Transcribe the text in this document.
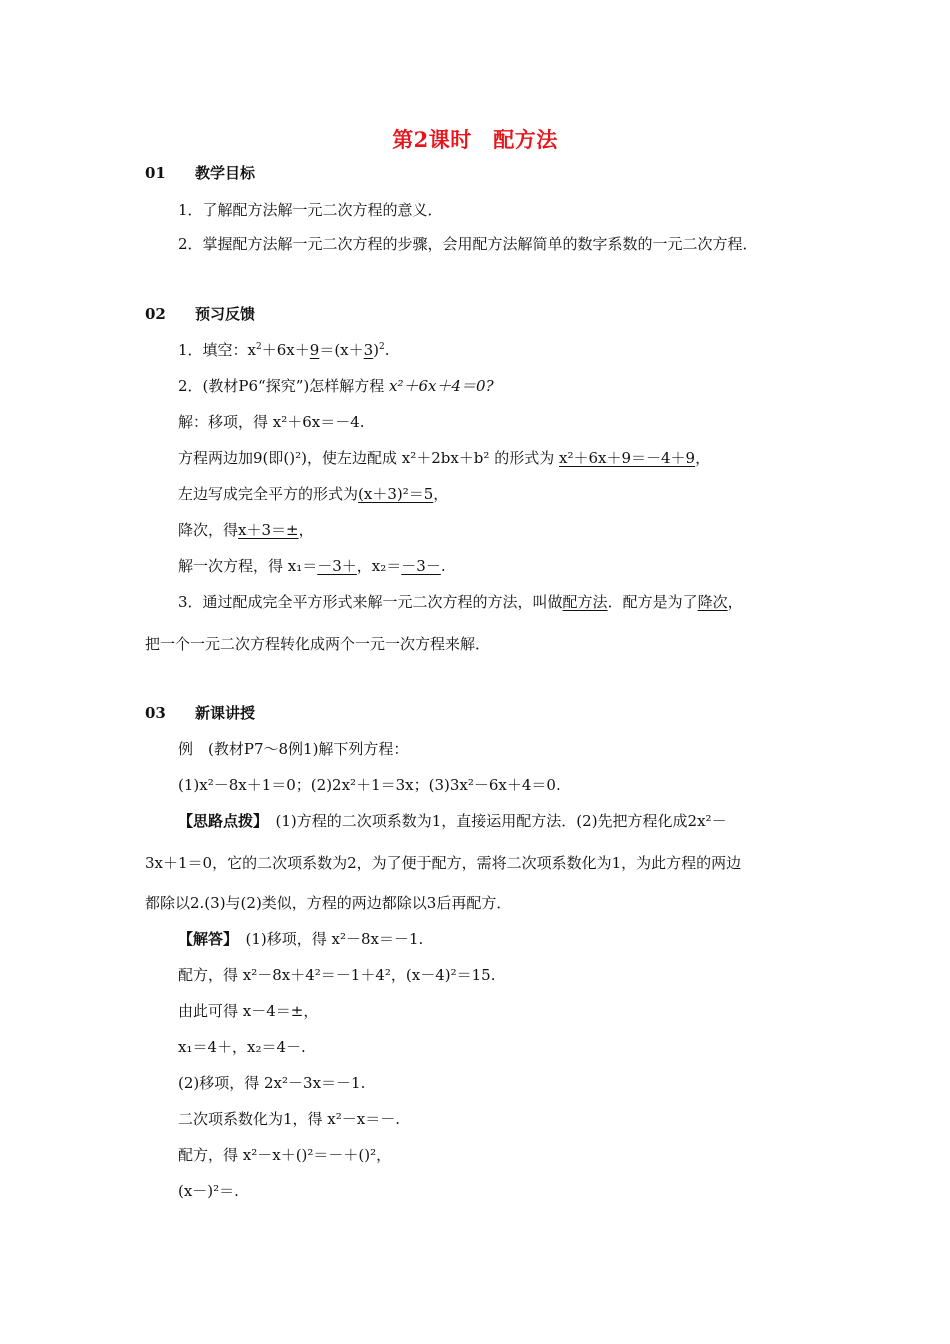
第2课时　配方法
01 教学目标
1．了解配方法解一元二次方程的意义．
2．掌握配方法解一元二次方程的步骤，会用配方法解简单的数字系数的一元二次方程．
02 预习反馈
1．填空：$x^2+6x+9=(x+3)^2$.
2．(教材P6“探究”)怎样解方程 x²＋6x＋4＝0?
解：移项，得 x²＋6x＝－4.
方程两边加9(即()²)，使左边配成 x²＋2bx＋b² 的形式为 x²＋6x＋9＝－4＋9，
左边写成完全平方的形式为(x＋3)²＝5，
降次，得x＋3＝±，
解一次方程，得 x₁＝－3＋，x₂＝－3－.
3．通过配成完全平方形式来解一元二次方程的方法，叫做配方法．配方是为了降次，
把一个一元二次方程转化成两个一元一次方程来解．
03 新课讲授
例　(教材P7～8例1)解下列方程：
(1)x²－8x＋1＝0；(2)2x²＋1＝3x；(3)3x²－6x＋4＝0.
【思路点拨】　(1)方程的二次项系数为1，直接运用配方法．(2)先把方程化成2x²－
3x＋1＝0，它的二次项系数为2，为了便于配方，需将二次项系数化为1，为此方程的两边
都除以2.(3)与(2)类似，方程的两边都除以3后再配方．
【解答】　(1)移项，得 x²－8x＝－1.
配方，得 x²－8x＋4²＝－1＋4²，(x－4)²＝15.
由此可得 x－4＝±，
x₁＝4＋，x₂＝4－.
(2)移项，得 2x²－3x＝－1.
二次项系数化为1，得 x²－x＝－.
配方，得 x²－x＋()²＝－＋()²，
(x－)²＝.
